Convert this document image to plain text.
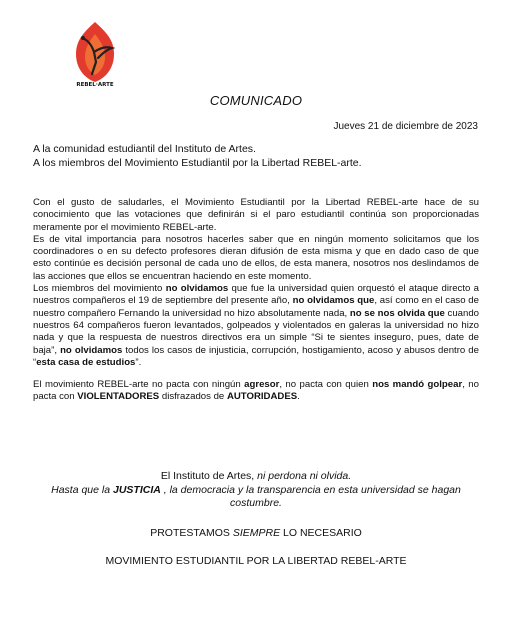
REBEL·ARTE
COMUNICADO
Jueves 21 de diciembre de 2023
A la comunidad estudiantil del Instituto de Artes.
A los miembros del Movimiento Estudiantil por la Libertad REBEL-arte.

Con el gusto de saludarles, el Movimiento Estudiantil por la Libertad REBEL-arte hace de su conocimiento que las votaciones que definirán si el paro estudiantil continúa son proporcionadas meramente por el movimiento REBEL-arte.

Es de vital importancia para nosotros hacerles saber que en ningún momento solicitamos que los coordinadores o en su defecto profesores dieran difusión de esta misma y que en dado caso de que esto continúe es decisión personal de cada uno de ellos, de esta manera, nosotros nos deslindamos de las acciones que ellos se encuentran haciendo en este momento.

Los miembros del movimiento no olvidamos que fue la universidad quien orquestó el ataque directo a nuestros compañeros el 19 de septiembre del presente año, no olvidamos que, así como en el caso de nuestro compañero Fernando la universidad no hizo absolutamente nada, no se nos olvida que cuando nuestros 64 compañeros fueron levantados, golpeados y violentados en galeras la universidad no hizo nada y que la respuesta de nuestros directivos era un simple “Si te sientes inseguro, pues, date de baja”, no olvidamos todos los casos de injusticia, corrupción, hostigamiento, acoso y abusos dentro de “esta casa de estudios”.

El movimiento REBEL-arte no pacta con ningún agresor, no pacta con quien nos mandó golpear, no pacta con VIOLENTADORES disfrazados de AUTORIDADES.

El Instituto de Artes, ni perdona ni olvida.
Hasta que la JUSTICIA , la democracia y la transparencia en esta universidad se hagan costumbre.
PROTESTAMOS SIEMPRE LO NECESARIO
MOVIMIENTO ESTUDIANTIL POR LA LIBERTAD REBEL-ARTE
